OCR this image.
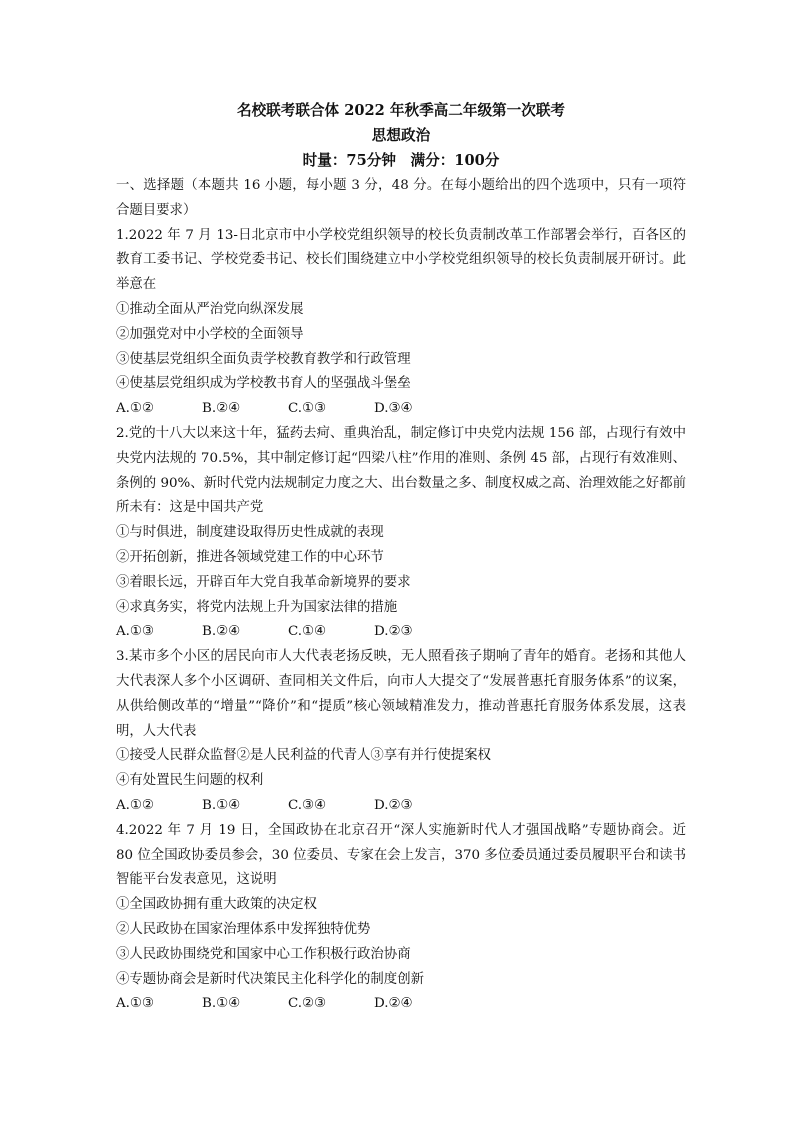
名校联考联合体 2022 年秋季高二年级第一次联考
思想政治
时量：75分钟　满分：100分

一、选择题（本题共 16 小题，每小题 3 分，48 分。在每小题给出的四个选项中，只有一项符合题目要求）

1.2022 年 7 月 13-日北京市中小学校党组织领导的校长负责制改革工作部署会举行，百各区的教育工委书记、学校党委书记、校长们围绕建立中小学校党组织领导的校长负责制展开研讨。此举意在

①推动全面从严治党向纵深发展

②加强党对中小学校的全面领导

③使基层党组织全面负责学校教育教学和行政管理

④使基层党组织成为学校教书育人的坚强战斗堡垒

A.①②	B.②④	C.①③	D.③④

2.党的十八大以来这十年，猛药去疴、重典治乱，制定修订中央党内法规 156 部，占现行有效中央党内法规的 70.5%，其中制定修订起“四梁八柱”作用的准则、条例 45 部，占现行有效准则、条例的 90%、新时代党内法规制定力度之大、出台数量之多、制度权威之高、治理效能之好都前所未有：这是中国共产党

①与时俱进，制度建设取得历史性成就的表现

②开拓创新，推进各领域党建工作的中心环节

③着眼长远，开辟百年大党自我革命新境界的要求

④求真务实，将党内法规上升为国家法律的措施

A.①③	B.②④	C.①④	D.②③

3.某市多个小区的居民向市人大代表老扬反映，无人照看孩子期响了青年的婚育。老扬和其他人大代表深人多个小区调研、查同相关文件后，向市人大提交了“发展普惠托育服务体系”的议案，从供给侧改革的“增量”“降价”和“提质”核心领域精准发力，推动普惠托育服务体系发展，这表明，人大代表

①接受人民群众监督②是人民利益的代青人③享有并行使提案权

④有处置民生问题的权利

A.①②	B.①④	C.③④	D.②③

4.2022 年 7 月 19 日，全国政协在北京召开“深人实施新时代人才强国战略”专题协商会。近 80 位全国政协委员参会，30 位委员、专家在会上发言，370 多位委员通过委员履职平台和读书智能平台发表意见，这说明

①全国政协拥有重大政策的决定权

②人民政协在国家治理体系中发挥独特优势

③人民政协围绕党和国家中心工作积极行政治协商

④专题协商会是新时代决策民主化科学化的制度创新

A.①③	B.①④	C.②③	D.②④
